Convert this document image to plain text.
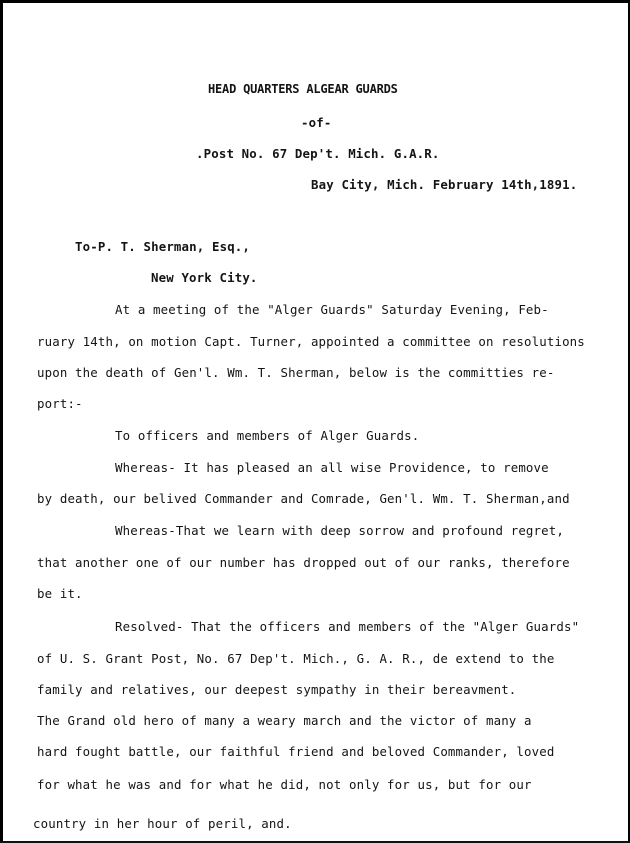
HEAD QUARTERS ALGEAR GUARDS
-of-
.Post No. 67 Dep't. Mich. G.A.R.
Bay City, Mich. February 14th,1891.
To-P. T. Sherman, Esq.,
New York City.
At a meeting of the "Alger Guards" Saturday Evening, Feb-
ruary 14th, on motion Capt. Turner, appointed a committee on resolutions
upon the death of Gen'l. Wm. T. Sherman, below is the committies re-
port:-
To officers and members of Alger Guards.
Whereas- It has pleased an all wise Providence, to remove
by death, our belived Commander and Comrade, Gen'l. Wm. T. Sherman,and
Whereas-That we learn with deep sorrow and profound regret,
that another one of our number has dropped out of our ranks, therefore
be it.
Resolved- That the officers and members of the "Alger Guards"
of U. S. Grant Post, No. 67 Dep't. Mich., G. A. R., de extend to the
family and relatives, our deepest sympathy in their bereavment.
The Grand old hero of many a weary march and the victor of many a
hard fought battle, our faithful friend and beloved Commander, loved
for what he was and for what he did, not only for us, but for our
country in her hour of peril, and.
